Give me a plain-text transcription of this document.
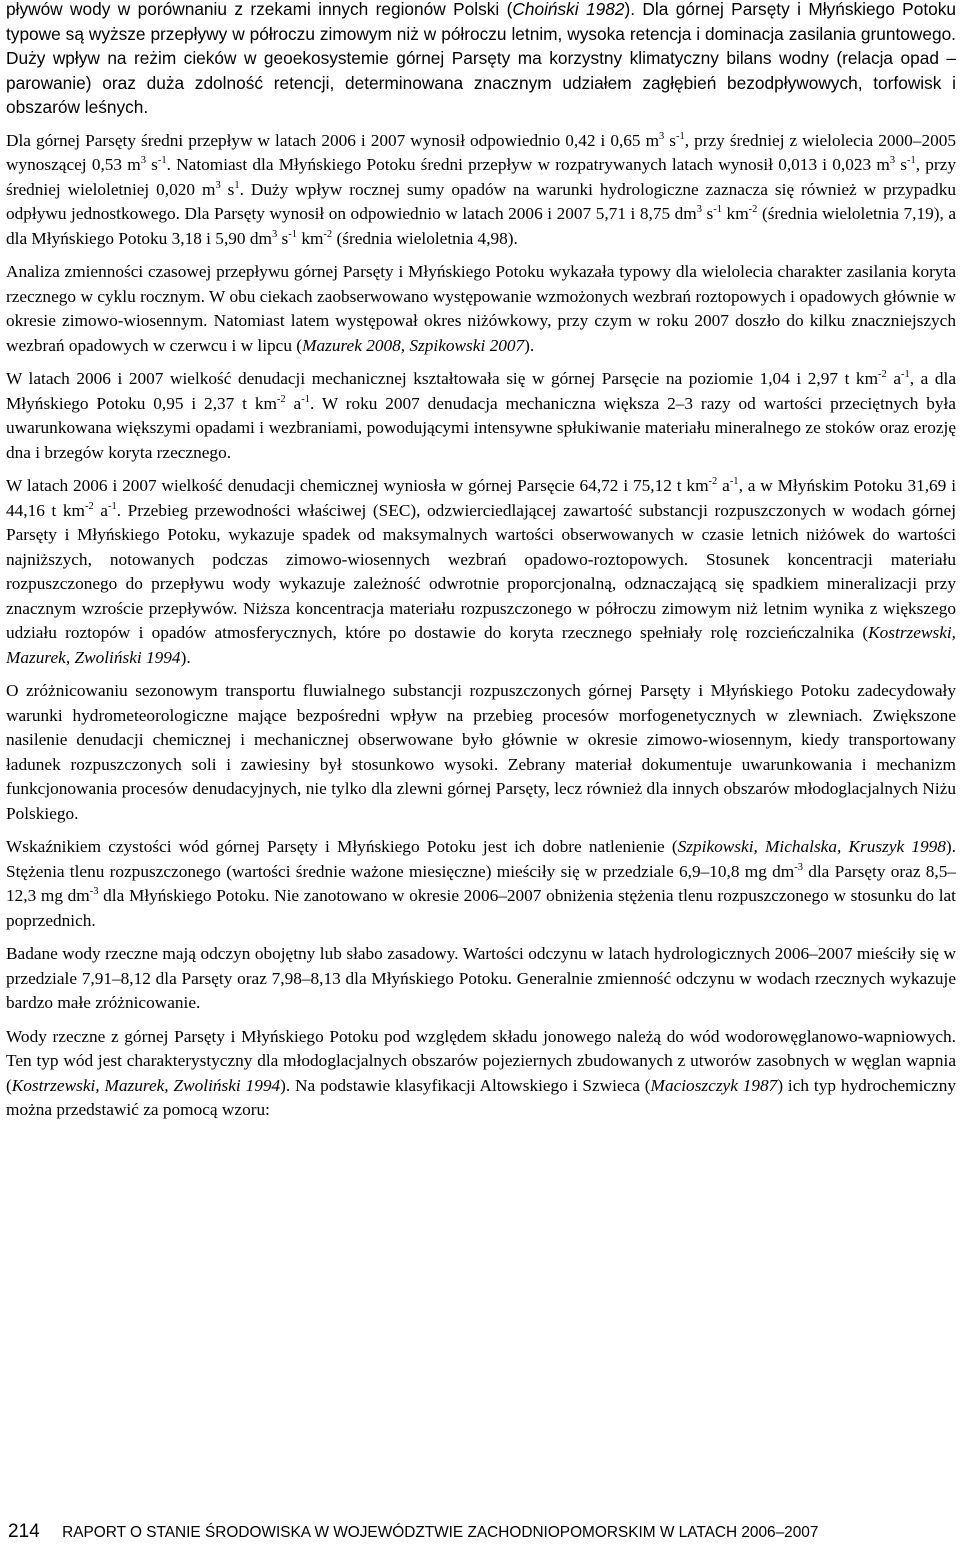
pływów wody w porównaniu z rzekami innych regionów Polski (Choiński 1982). Dla górnej Parsęty i Młyńskiego Potoku typowe są wyższe przepływy w półroczu zimowym niż w półroczu letnim, wysoka retencja i dominacja zasilania gruntowego. Duży wpływ na reżim cieków w geoekosystemie górnej Parsęty ma korzystny klimatyczny bilans wodny (relacja opad – parowanie) oraz duża zdolność retencji, determinowana znacznym udziałem zagłębień bezodpływowych, torfowisk i obszarów leśnych.

Dla górnej Parsęty średni przepływ w latach 2006 i 2007 wynosił odpowiednio 0,42 i 0,65 $m^3$ $s^{-1}$, przy średniej z wielolecia 2000–2005 wynoszącej 0,53 $m^3$ $s^{-1}$. Natomiast dla Młyńskiego Potoku średni przepływ w rozpatrywanych latach wynosił 0,013 i 0,023 $m^3$ $s^{-1}$, przy średniej wieloletniej 0,020 $m^3$ $s^1$. Duży wpływ rocznej sumy opadów na warunki hydrologiczne zaznacza się również w przypadku odpływu jednostkowego. Dla Parsęty wynosił on odpowiednio w latach 2006 i 2007 5,71 i 8,75 $dm^3$ $s^{-1}$ $km^{-2}$ (średnia wieloletnia 7,19), a dla Młyńskiego Potoku 3,18 i 5,90 $dm^3$ $s^{-1}$ $km^{-2}$ (średnia wieloletnia 4,98).

Analiza zmienności czasowej przepływu górnej Parsęty i Młyńskiego Potoku wykazała typowy dla wielolecia charakter zasilania koryta rzecznego w cyklu rocznym. W obu ciekach zaobserwowano występowanie wzmożonych wezbrań roztopowych i opadowych głównie w okresie zimowo-wiosennym. Natomiast latem występował okres niżówkowy, przy czym w roku 2007 doszło do kilku znaczniejszych wezbrań opadowych w czerwcu i w lipcu (Mazurek 2008, Szpikowski 2007).

W latach 2006 i 2007 wielkość denudacji mechanicznej kształtowała się w górnej Parsęcie na poziomie 1,04 i 2,97 t $km^{-2}$ $a^{-1}$, a dla Młyńskiego Potoku 0,95 i 2,37 t $km^{-2}$ $a^{-1}$. W roku 2007 denudacja mechaniczna większa 2–3 razy od wartości przeciętnych była uwarunkowana większymi opadami i wezbraniami, powodującymi intensywne spłukiwanie materiału mineralnego ze stoków oraz erozję dna i brzegów koryta rzecznego.

W latach 2006 i 2007 wielkość denudacji chemicznej wyniosła w górnej Parsęcie 64,72 i 75,12 t $km^{-2}$ $a^{-1}$, a w Młyńskim Potoku 31,69 i 44,16 t $km^{-2}$ $a^{-1}$. Przebieg przewodności właściwej (SEC), odzwierciedlającej zawartość substancji rozpuszczonych w wodach górnej Parsęty i Młyńskiego Potoku, wykazuje spadek od maksymalnych wartości obserwowanych w czasie letnich niżówek do wartości najniższych, notowanych podczas zimowo-wiosennych wezbrań opadowo-roztopowych. Stosunek koncentracji materiału rozpuszczonego do przepływu wody wykazuje zależność odwrotnie proporcjonalną, odznaczającą się spadkiem mineralizacji przy znacznym wzroście przepływów. Niższa koncentracja materiału rozpuszczonego w półroczu zimowym niż letnim wynika z większego udziału roztopów i opadów atmosferycznych, które po dostawie do koryta rzecznego spełniały rolę rozcieńczalnika (Kostrzewski, Mazurek, Zwoliński 1994).

O zróżnicowaniu sezonowym transportu fluwialnego substancji rozpuszczonych górnej Parsęty i Młyńskiego Potoku zadecydowały warunki hydrometeorologiczne mające bezpośredni wpływ na przebieg procesów morfogenetycznych w zlewniach. Zwiększone nasilenie denudacji chemicznej i mechanicznej obserwowane było głównie w okresie zimowo-wiosennym, kiedy transportowany ładunek rozpuszczonych soli i zawiesiny był stosunkowo wysoki. Zebrany materiał dokumentuje uwarunkowania i mechanizm funkcjonowania procesów denudacyjnych, nie tylko dla zlewni górnej Parsęty, lecz również dla innych obszarów młodoglacjalnych Niżu Polskiego.

Wskaźnikiem czystości wód górnej Parsęty i Młyńskiego Potoku jest ich dobre natlenienie (Szpikowski, Michalska, Kruszyk 1998). Stężenia tlenu rozpuszczonego (wartości średnie ważone miesięczne) mieściły się w przedziale 6,9–10,8 mg $dm^{-3}$ dla Parsęty oraz 8,5–12,3 mg $dm^{-3}$ dla Młyńskiego Potoku. Nie zanotowano w okresie 2006–2007 obniżenia stężenia tlenu rozpuszczonego w stosunku do lat poprzednich.

Badane wody rzeczne mają odczyn obojętny lub słabo zasadowy. Wartości odczynu w latach hydrologicznych 2006–2007 mieściły się w przedziale 7,91–8,12 dla Parsęty oraz 7,98–8,13 dla Młyńskiego Potoku. Generalnie zmienność odczynu w wodach rzecznych wykazuje bardzo małe zróżnicowanie.

Wody rzeczne z górnej Parsęty i Młyńskiego Potoku pod względem składu jonowego należą do wód wodorowęglanowo-wapniowych. Ten typ wód jest charakterystyczny dla młodoglacjalnych obszarów pojeziernych zbudowanych z utworów zasobnych w węglan wapnia (Kostrzewski, Mazurek, Zwoliński 1994). Na podstawie klasyfikacji Altowskiego i Szwieca (Macioszczyk 1987) ich typ hydrochemiczny można przedstawić za pomocą wzoru:

214 RAPORT O STANIE ŚRODOWISKA W WOJEWÓDZTWIE ZACHODNIOPOMORSKIM W LATACH 2006–2007
